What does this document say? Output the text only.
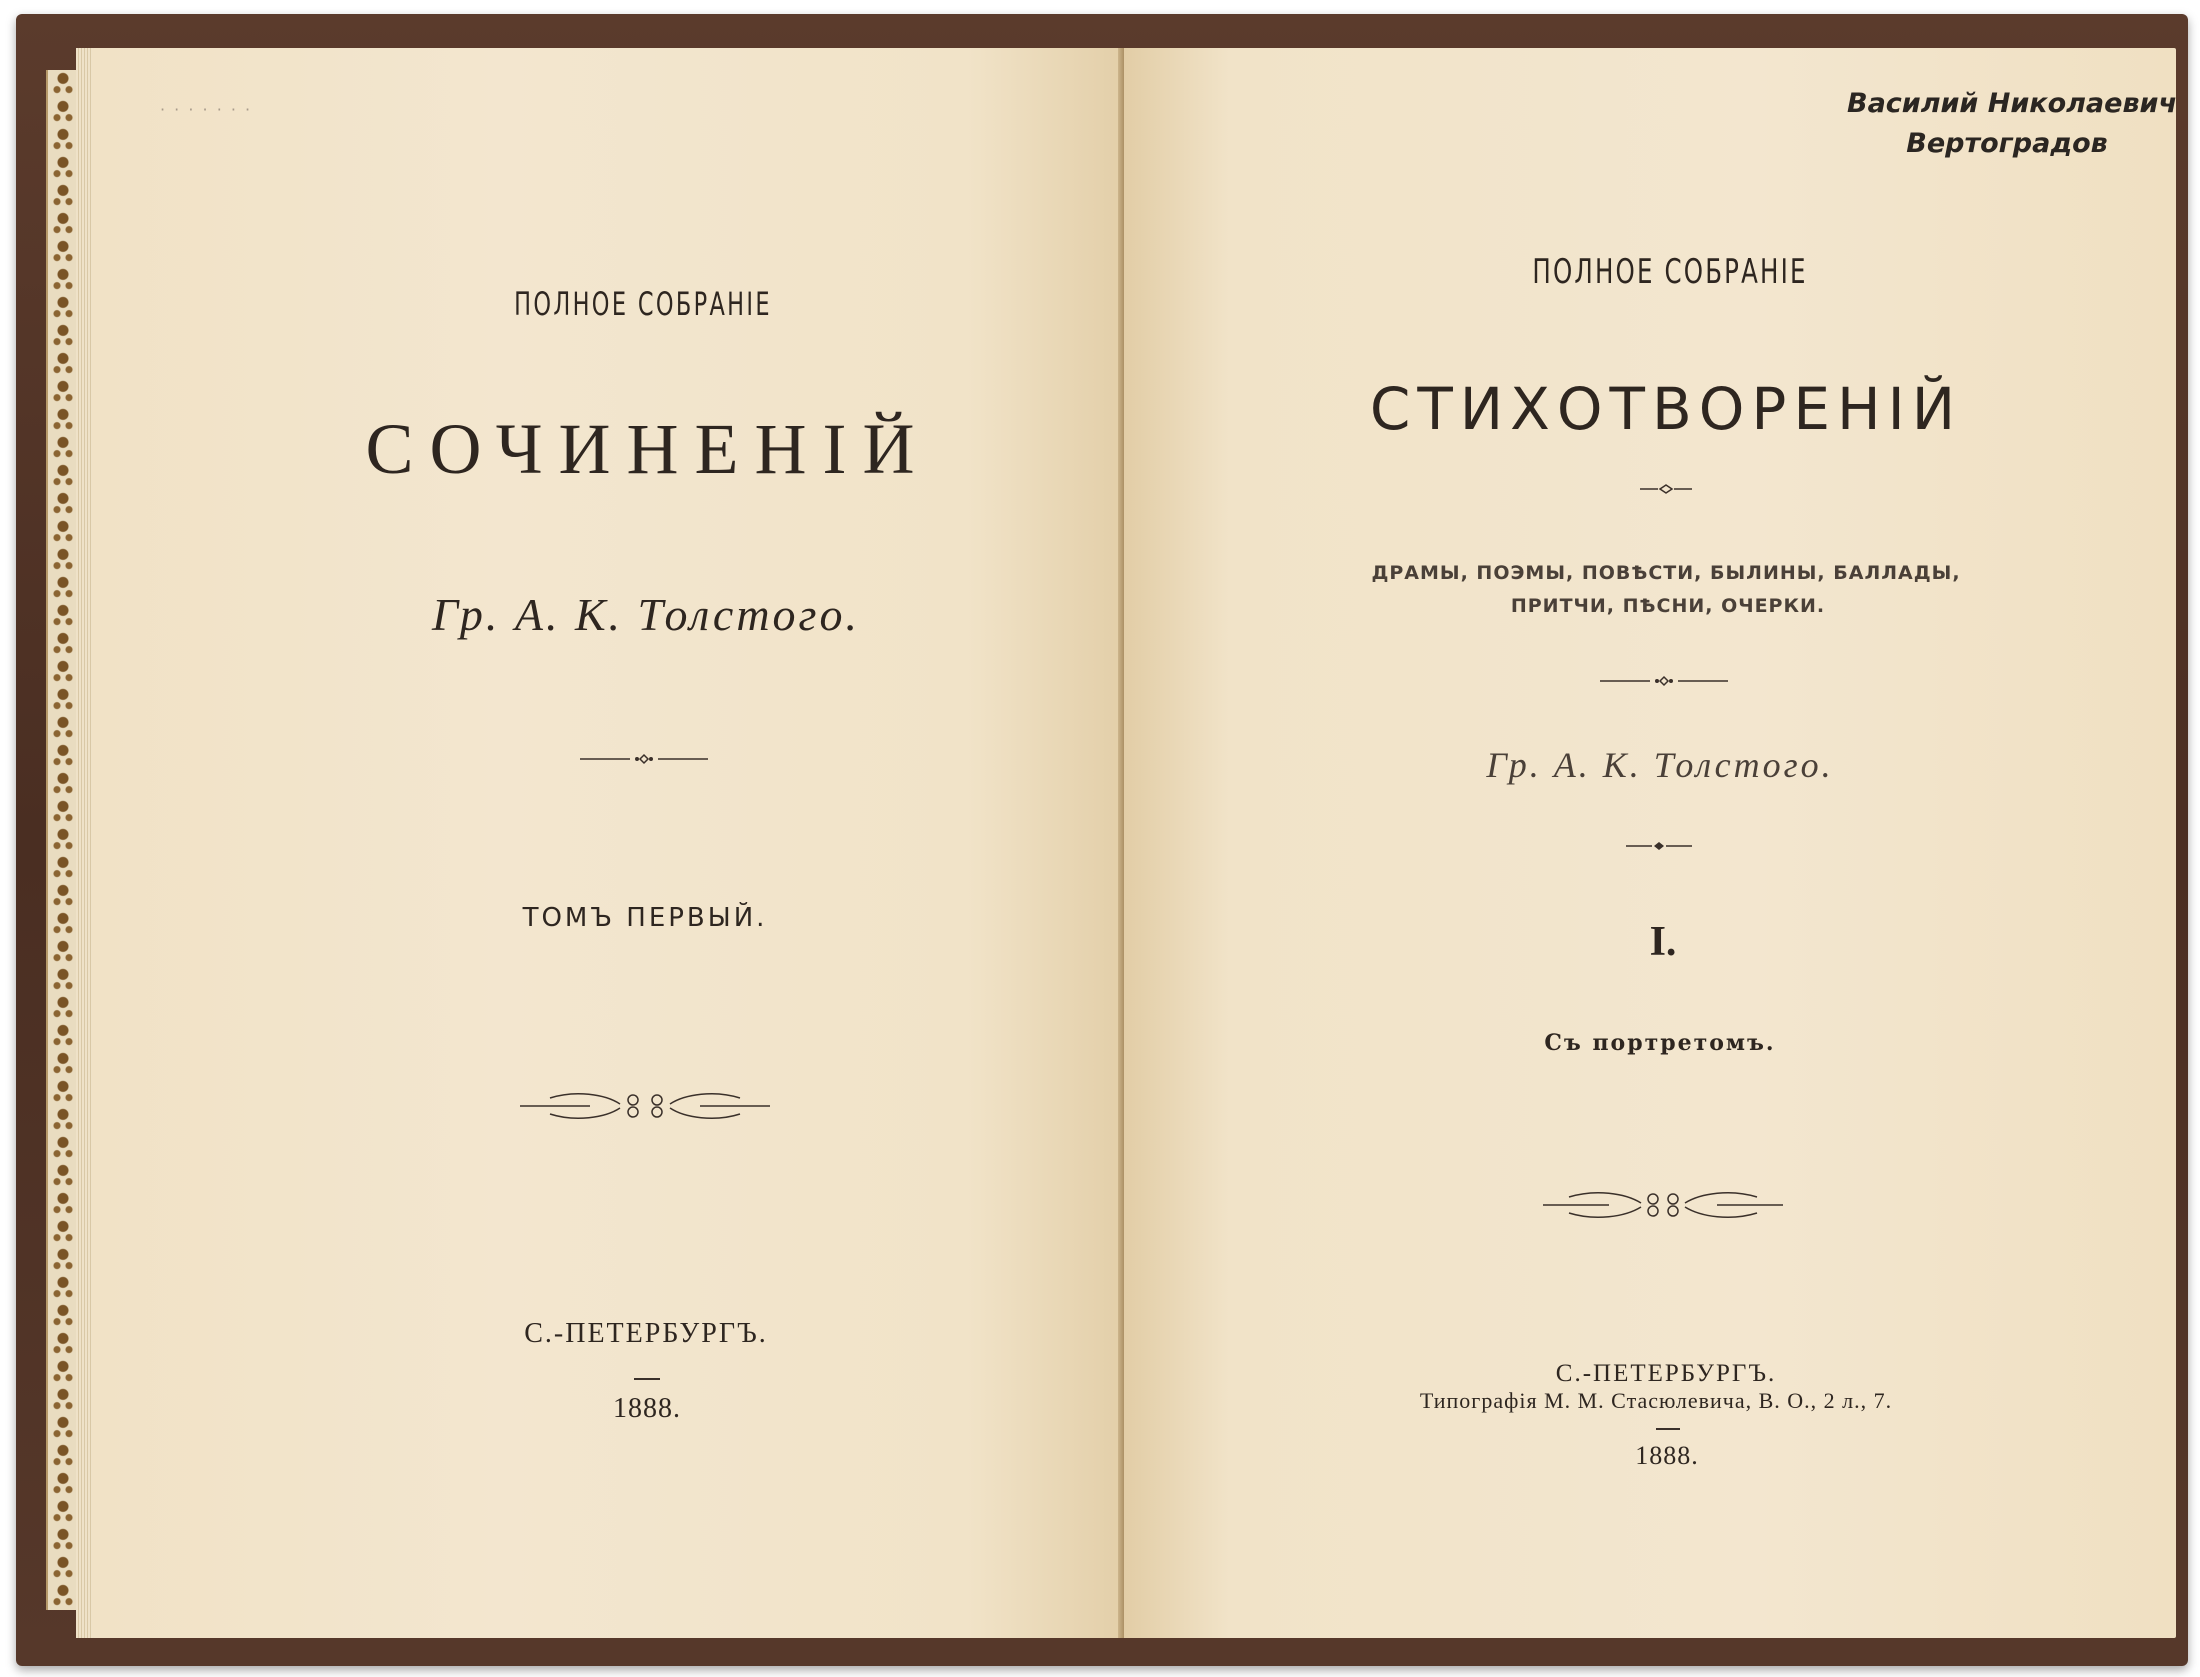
· · · · · · ·
ПОЛНОЕ СОБРАНІЕ
СОЧИНЕНІЙ
Гр. А. К. Толстого.
ТОМЪ ПЕРВЫЙ.
С.-ПЕТЕРБУРГЪ.
1888.
Василий Николаевич
Вертоградов
ПОЛНОЕ СОБРАНІЕ
СТИХОТВОРЕНІЙ
ДРАМЫ, ПОЭМЫ, ПОВѢСТИ, БЫЛИНЫ, БАЛЛАДЫ,
ПРИТЧИ, ПѢСНИ, ОЧЕРКИ.
Гр. А. К. Толстого.
I.
Съ портретомъ.
С.-ПЕТЕРБУРГЪ.
Типографія М. М. Стасюлевича, В. О., 2 л., 7.
1888.
